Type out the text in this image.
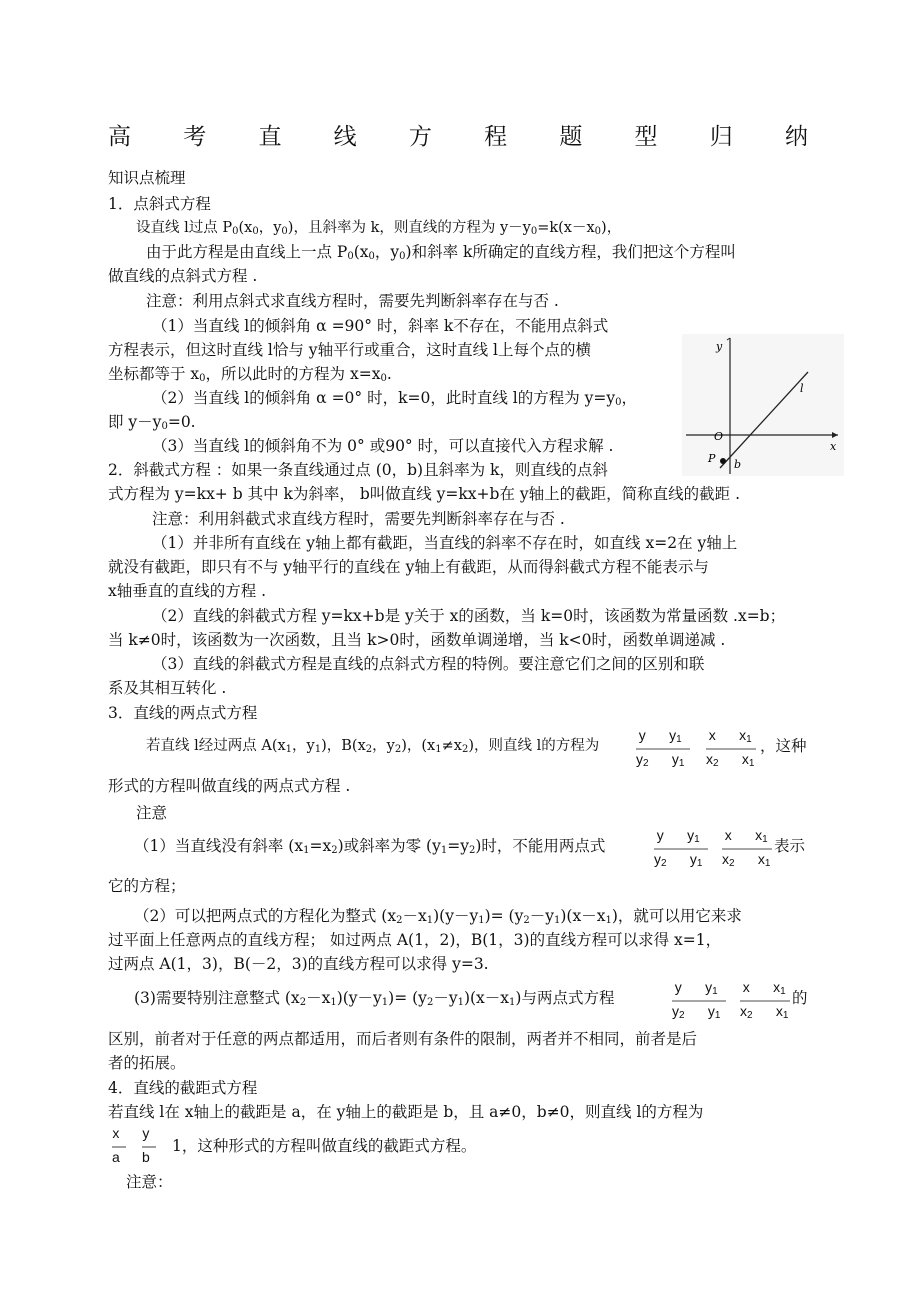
高 考 直 线 方 程 题 型 归 纳
知识点梳理
1．点斜式方程
设直线 l过点 $P_0(x_0$，$y_0$)，且斜率为 k，则直线的方程为 $y-y_0=k(x-x_0)$，
由于此方程是由直线上一点 $P_0(x_0$，$y_0$)和斜率 k所确定的直线方程，我们把这个方程叫
做直线的点斜式方程 .
注意：利用点斜式求直线方程时，需要先判断斜率存在与否 .
（1）当直线 l的倾斜角 α =90° 时，斜率 k不存在，不能用点斜式
方程表示，但这时直线 l恰与 y轴平行或重合，这时直线 l上每个点的横
坐标都等于 $x_0$，所以此时的方程为 $x=x_0$.
（2）当直线 l的倾斜角 α =0° 时，k=0，此时直线 l的方程为 $y=y_0$，
即 $y-y_0=0$.
（3）当直线 l的倾斜角不为 0° 或90° 时，可以直接代入方程求解 .
2．斜截式方程 ：如果一条直线通过点 (0，b)且斜率为 k，则直线的点斜
式方程为 y=kx+ b 其中 k为斜率， b叫做直线 y=kx+b在 y轴上的截距，简称直线的截距 .
注意：利用斜截式求直线方程时，需要先判断斜率存在与否 .
（1）并非所有直线在 y轴上都有截距，当直线的斜率不存在时，如直线 x=2在 y轴上
就没有截距，即只有不与 y轴平行的直线在 y轴上有截距，从而得斜截式方程不能表示与
x轴垂直的直线的方程 .
（2）直线的斜截式方程 y=kx+b是 y关于 x的函数，当 k=0时，该函数为常量函数 .x=b；
当 k≠0时，该函数为一次函数，且当 k>0时，函数单调递增，当 k<0时，函数单调递减 .
（3）直线的斜截式方程是直线的点斜式方程的特例。要注意它们之间的区别和联
系及其相互转化 .
3．直线的两点式方程
若直线 l经过两点 $A(x_1$，$y_1$)，$B(x_2$，$y_2$)，$(x_1\ne x_2)$，则直线 l的方程为
y $y_1$
$y_2$ $y_1$
x $x_1$
$x_2$ $x_1$
，这种
形式的方程叫做直线的两点式方程 .
注意
（1）当直线没有斜率 $(x_1=x_2)$或斜率为零 $(y_1=y_2)$时，不能用两点式
y $y_1$
$y_2$ $y_1$
x $x_1$
$x_2$ $x_1$
表示
它的方程；
（2）可以把两点式的方程化为整式 $(x_2-x_1)(y-y_1)= (y_2-y_1)(x-x_1)$，就可以用它来求
过平面上任意两点的直线方程； 如过两点 A(1，2)，B(1，3)的直线方程可以求得 x=1，
过两点 A(1，3)，B(－2，3)的直线方程可以求得 y=3.
(3)需要特别注意整式 $(x_2-x_1)(y-y_1)= (y_2-y_1)(x-x_1)$与两点式方程
y $y_1$
$y_2$ $y_1$
x $x_1$
$x_2$ $x_1$
的
区别，前者对于任意的两点都适用，而后者则有条件的限制，两者并不相同，前者是后
者的拓展。
4．直线的截距式方程
若直线 l在 x轴上的截距是 a，在 y轴上的截距是 b，且 a≠0，b≠0，则直线 l的方程为
x
a
y
b
1，这种形式的方程叫做直线的截距式方程。
注意：
y
x
O
P b
l
